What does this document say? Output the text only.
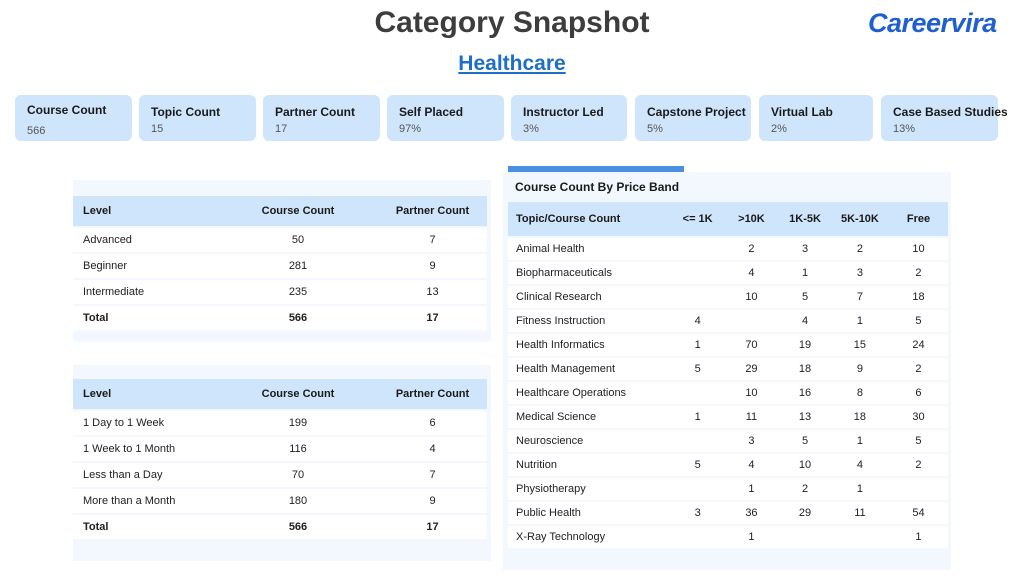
Category Snapshot
Healthcare
Careervira
Course Count
566
Topic Count
15
Partner Count
17
Self Placed
97%
Instructor Led
3%
Capstone Project
5%
Virtual Lab
2%
Case Based Studies
13%
Level	Course Count	Partner Count
Advanced	50	7
Beginner	281	9
Intermediate	235	13
Total	566	17
Level	Course Count	Partner Count
1 Day to 1 Week	199	6
1 Week to 1 Month	116	4
Less than a Day	70	7
More than a Month	180	9
Total	566	17
Course Count By Price Band
Topic/Course Count	<= 1K	>10K	1K-5K	5K-10K	Free
Animal Health		2	3	2	10
Biopharmaceuticals		4	1	3	2
Clinical Research		10	5	7	18
Fitness Instruction	4		4	1	5
Health Informatics	1	70	19	15	24
Health Management	5	29	18	9	2
Healthcare Operations		10	16	8	6
Medical Science	1	11	13	18	30
Neuroscience		3	5	1	5
Nutrition	5	4	10	4	2
Physiotherapy		1	2	1	
Public Health	3	36	29	11	54
X-Ray Technology		1			1
